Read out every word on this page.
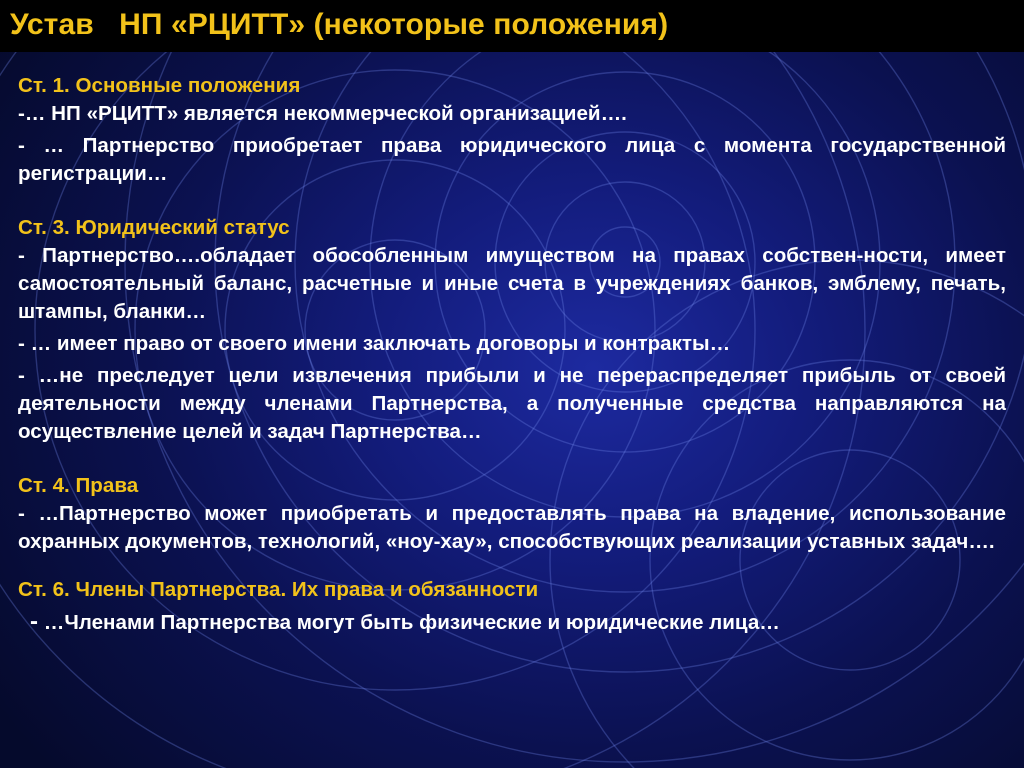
Устав   НП «РЦИТТ» (некоторые положения)
Ст. 1. Основные положения
-… НП «РЦИТТ» является некоммерческой организацией….
- … Партнерство приобретает права юридического лица с момента государственной регистрации…
Ст. 3. Юридический статус
- Партнерство….обладает обособленным имуществом на правах собствен-ности, имеет самостоятельный баланс, расчетные и иные счета в учреждениях банков, эмблему, печать, штампы, бланки…
- … имеет право от своего имени заключать договоры и контракты…
- …не преследует цели извлечения прибыли и не перераспределяет прибыль от своей деятельности между членами Партнерства, а полученные средства направляются на осуществление целей и задач Партнерства…
Ст. 4. Права
- …Партнерство может приобретать и предоставлять права на владение, использование охранных документов, технологий, «ноу-хау», способствующих реализации уставных задач….
Ст. 6. Члены Партнерства. Их права и обязанности
- …Членами Партнерства могут быть физические и юридические лица…
